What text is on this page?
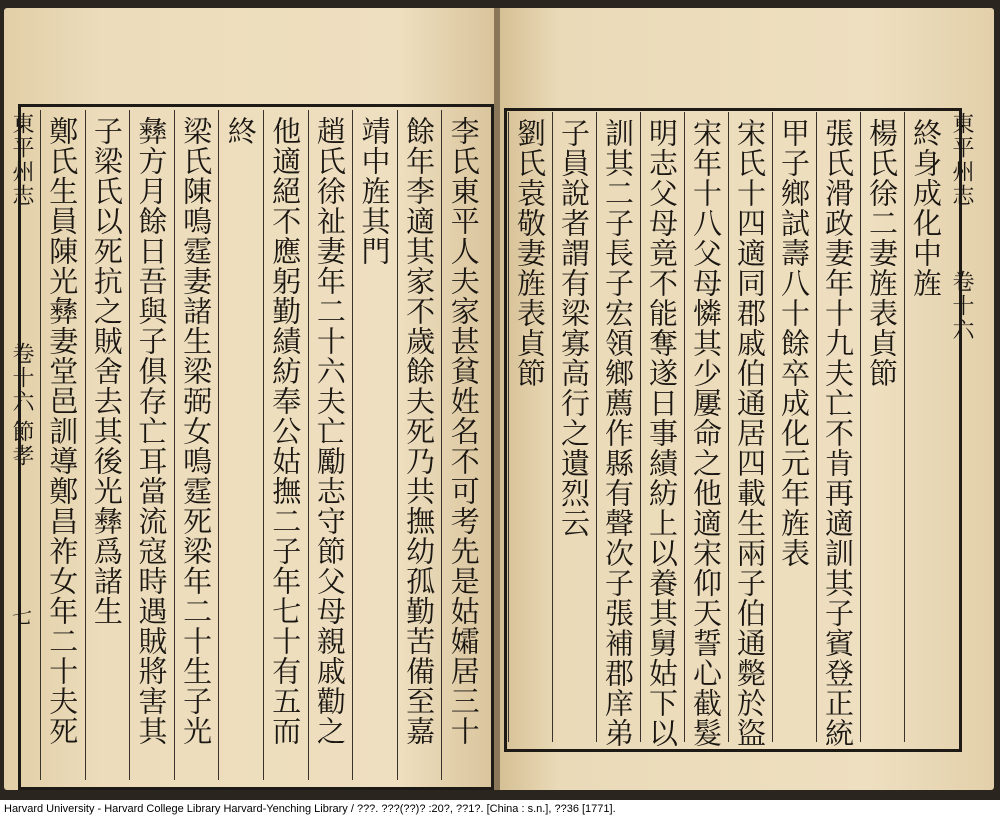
東平州志
卷十六
節孝
七	李氏東平人夫家甚貧姓名不可考先是姑孀居三十
餘年李適其家不歲餘夫死乃共撫幼孤勤苦備至嘉
靖中旌其門
趙氏徐祉妻年二十六夫亡勵志守節父母親戚勸之
他適絕不應躬勤績紡奉公姑撫二子年七十有五而
終
梁氏陳鳴霆妻諸生梁弼女鳴霆死梁年二十生子光
彝方月餘日吾與子俱存亡耳當流寇時遇賊將害其
子梁氏以死抗之賊舍去其後光彝爲諸生
鄭氏生員陳光彝妻堂邑訓導鄭昌祚女年二十夫死	東平州志
卷十六
終身成化中旌
楊氏徐二妻旌表貞節
張氏滑政妻年十九夫亡不肯再適訓其子賓登正統
甲子鄉試壽八十餘卒成化元年旌表
宋氏十四適同郡戚伯通居四載生兩子伯通斃於盜
宋年十八父母憐其少屢命之他適宋仰天誓心截髮
明志父母竟不能奪遂日事績紡上以養其舅姑下以
訓其二子長子宏領鄉薦作縣有聲次子張補郡庠弟
子員說者謂有梁寡高行之遺烈云
劉氏袁敬妻旌表貞節
Harvard University - Harvard College Library Harvard-Yenching Library / ???. ???(??)? :20?, ??1?. [China : s.n.], ??36 [1771].
